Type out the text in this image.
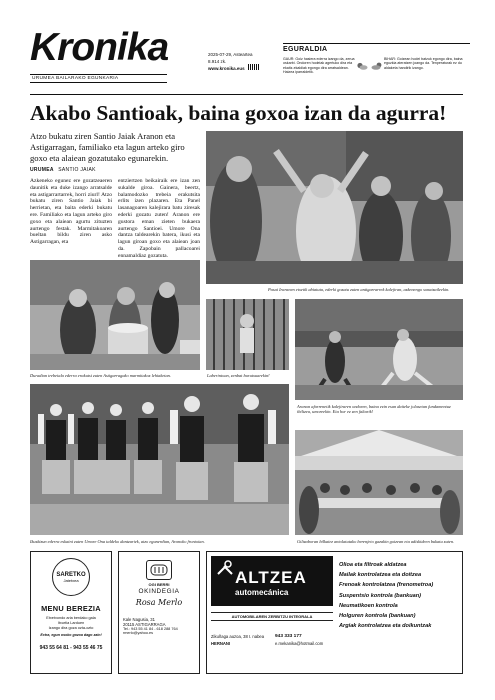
Kronika
URUMEA BAILARAKO EGUNKARIA
2025-07-29, Asteartea
8.914 zk.
www.kronika.eus
EGURALDIA
GAUR: Goiz hasiera ederra izango da, zerua oskarbi. Ondoren hodeiak agertuko dira eta ekaitz-ekaldiak egongo dira arratsaldean. Haizea iparraldetik.
BIHAR: Goizean hodei batzuk egongo dira, baina eguzkia ateratzen joango da. Tenperaturak ez du aldaketa handirik izango.
Akabo Santioak, baina goxoa izan da agurra!
Atzo bukatu ziren Santio Jaiak Aranon eta Astigarragan, familiako eta lagun arteko giro goxo eta alaiean gozatutako egunarekin.
URUMEA SANTIO JAIAK

Azkeneko egunez ere gozatzeaeren daunitik eta duke izango arratsalde eta astigarrartarrek, horri ziurl! Atzo bukatu ziren Santio Jaiak bi herrietan, eta baita ederki bukatu ere. Familiako eta lagun arteko giro goxo eta alaiean agurtu zituzten aurtengo festak. Marmitakoaren bueltan bildu ziren asko Astigarragan, eta

entziertzen beikairaik ere izan zen sukalde giroa. Gainera, beertz, balamodozko trebeia erakutsita erlits izen plazaren. Eta Panel lasanagoaren kalejirara batu ziresak ederki gozatu zuten! Aranon ere gustora eman zieten bukaera aurtengo Santioei. Umore Ona dantza taldearekin batera, ikusi eta lagun giroan goxo eta alaiean joan da. Zapobain pallacoarei ennamaldiaz gozatuta.

Pasai Iraranen etxetik abiatuta, ederki gozatu zuten antigarrarrek kalejiran, azkenengo sonatzaileekin.
Duradian trebeiala ederra erakutsi zuten Astigarragako marmitakoz lehiaketan.	Laberintoan, zenbat burutxuarekin!
Aranon afarrenetik kalejiraren ondoren, baina ezin esan daiteke jolasetan fundamentuz ibiltzea, umoreekin. Eta hor ez zen faltarik!
Ikuskizun ederra eskaini zuten Umore Ona taldeko dantzariek, atzo egunerdian, Aranoko frontoian.	Giltzaboran bilkaiez antolatutako berenjeto gazakin goizean eta adiskideen bukatu zuten.
SARETKO
Jatetxea
MENU BEREZIA
Etxetxondo aria berdako gala
Itxurtia Larduen
Izango dira goza ozta-ozto
Extra, egun osoko gozoa dago zain!
943 55 64 81 - 943 55 46 75
OGI BERRI
OKINDEGIA
Rosa Merlo
Kale Nagusia, 31
20115 ASTIGARRAGA
Tel.: 943 55 41 84 - 618 288 764
rmerlo@yahoo.es
ALTZEA
automecánica
AUTOMOBILAREN ZERBITZU INTEGRALA
Zikuñaga auzoa, 38 I. nabea
HERNANI
943 333 177
e.mekanika@hotmail.com
Olioa eta filtroak aldatzea
Mailak kontrolatzea eta doitzea
Frenoak kontrolatzea (frenometroa)
Suspentsio kontrola (bankuan)
Neumatikoen kontrola
Holguren kontrola (bankuan)
Argiak kontrolatzea eta doikuntzak
